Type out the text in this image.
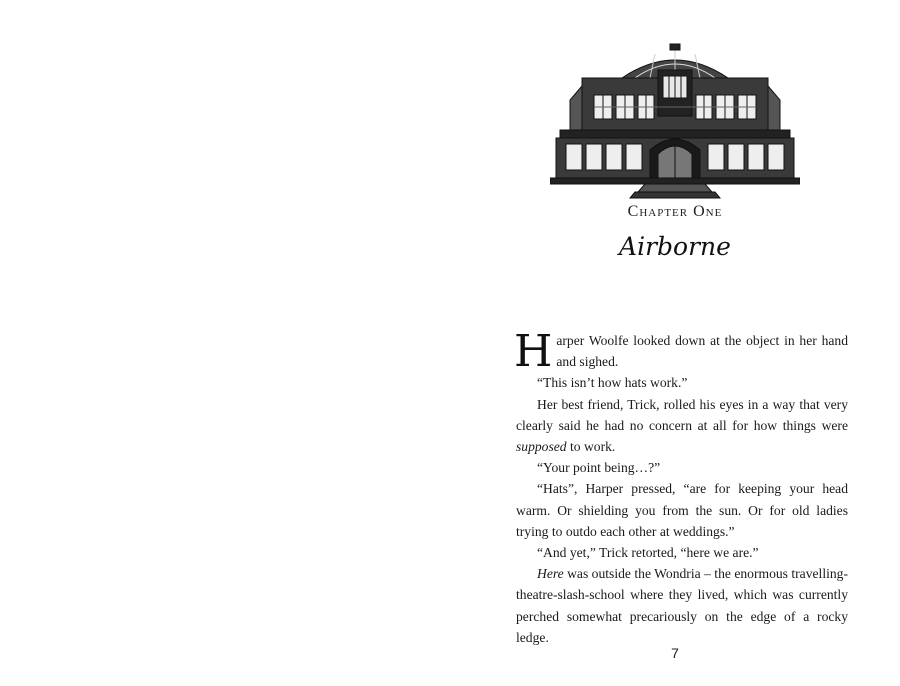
Chapter One
Airborne

Harper Woolfe looked down at the object in her hand and sighed.

“This isn’t how hats work.”

Her best friend, Trick, rolled his eyes in a way that very clearly said he had no concern at all for how things were supposed to work.

“Your point being…?”

“Hats”, Harper pressed, “are for keeping your head warm. Or shielding you from the sun. Or for old ladies trying to outdo each other at weddings.”

“And yet,” Trick retorted, “here we are.”

Here was outside the Wondria – the enormous travelling-theatre-slash-school where they lived, which was currently perched somewhat precariously on the edge of a rocky ledge.

7
